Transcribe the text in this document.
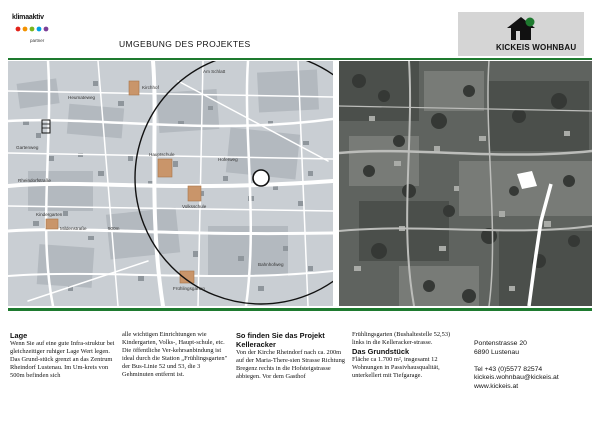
klimaaktiv
partner	UMGEBUNG DES PROJEKTES	KICKEIS WOHNBAU
Am Schlatt
Heumateweg
Kirchhof
Hauptschule
Volksschule
Kindergarten
Mildenstraße
Frühlingsgarten
Rheindorfstraße
Hoferweg
Gartenweg
Bahnhofweg
500m
Lage
Wenn Sie auf eine gute Infra-struktur bei gleichzeitiger ruhiger Lage Wert legen. Das Grund-stück grenzt an das Zentrum Rheindorf Lustenau. Im Um-kreis von 500m befinden sich
alle wichtigen Einrichtungen wie Kindergarten, Volks-, Haupt-schule, etc. Die öffentliche Ver-kehrsanbindung ist ideal durch die Station „Frühlingsgarten" der Bus-Linie 52 und 53, die 3 Gehminuten entfernt ist.
So finden Sie das Projekt Kelleracker
Von der Kirche Rheindorf nach ca. 200m auf der Maria-There-sien Strasse Richtung Bregenz rechts in die Hofsteigstrasse abbiegen. Vor dem Gasthof
Frühlingsgarten (Bushaltestelle 52,53) links in die Kelleracker-strasse.
Das Grundstück
Fläche ca 1.700 m², insgesamt 12 Wohnungen in Passivhausqualität, unterkellert mit Tiefgarage.
Pontenstrasse 20
6890 Lustenau
Tel +43 (0)5577 82574
kickeis.wohnbau@kickeis.at
www.kickeis.at
